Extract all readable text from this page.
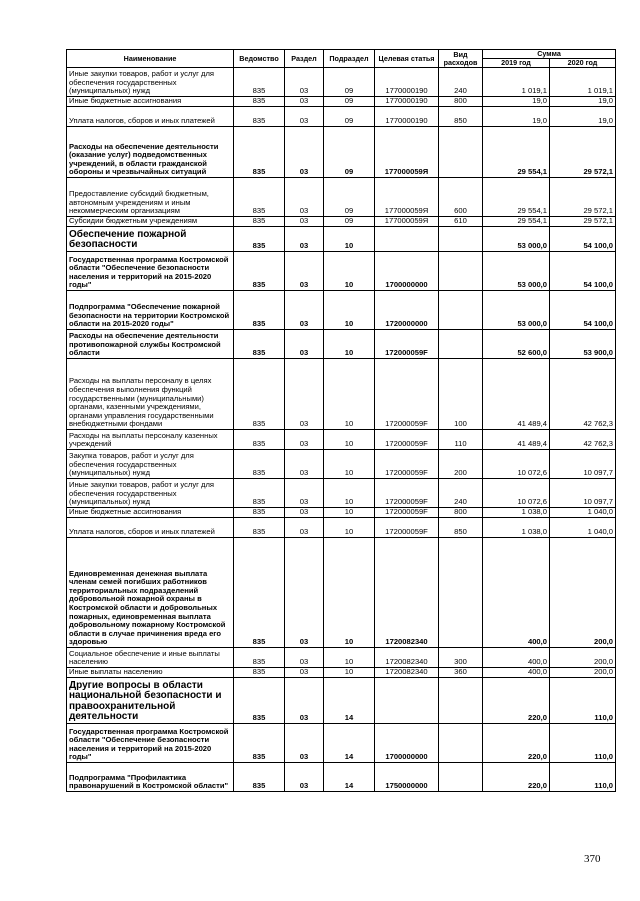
Наименование	Ведомство	Раздел	Подраздел	Целевая статья	Вид расходов	Сумма	
						2019 год	2020 год
Иные закупки товаров, работ и услуг для обеспечения государственных (муниципальных) нужд	835	03	09	1770000190	240	1 019,1	1 019,1
Иные бюджетные ассигнования	835	03	09	1770000190	800	19,0	19,0
Уплата налогов, сборов и иных платежей	835	03	09	1770000190	850	19,0	19,0
Расходы на обеспечение деятельности (оказание услуг) подведомственных учреждений, в области гражданской обороны и чрезвычайных ситуаций	835	03	09	177000059Я		29 554,1	29 572,1
Предоставление субсидий бюджетным, автономным учреждениям и иным некоммерческим организациям	835	03	09	177000059Я	600	29 554,1	29 572,1
Субсидии бюджетным учреждениям	835	03	09	177000059Я	610	29 554,1	29 572,1
Обеспечение пожарной безопасности	835	03	10			53 000,0	54 100,0
Государственная программа Костромской области "Обеспечение безопасности населения и территорий на 2015-2020 годы"	835	03	10	1700000000		53 000,0	54 100,0
Подпрограмма "Обеспечение пожарной безопасности на территории Костромской области на 2015-2020 годы"	835	03	10	1720000000		53 000,0	54 100,0
Расходы на обеспечение деятельности противопожарной службы Костромской области	835	03	10	172000059F		52 600,0	53 900,0
Расходы на выплаты персоналу в целях обеспечения выполнения функций государственными (муниципальными) органами, казенными учреждениями, органами управления государственными внебюджетными фондами	835	03	10	172000059F	100	41 489,4	42 762,3
Расходы на выплаты персоналу казенных учреждений	835	03	10	172000059F	110	41 489,4	42 762,3
Закупка товаров, работ и услуг для обеспечения государственных (муниципальных) нужд	835	03	10	172000059F	200	10 072,6	10 097,7
Иные закупки товаров, работ и услуг для обеспечения государственных (муниципальных) нужд	835	03	10	172000059F	240	10 072,6	10 097,7
Иные бюджетные ассигнования	835	03	10	172000059F	800	1 038,0	1 040,0
Уплата налогов, сборов и иных платежей	835	03	10	172000059F	850	1 038,0	1 040,0
Единовременная денежная выплата членам семей погибших работников территориальных подразделений добровольной пожарной охраны в Костромской области и добровольных пожарных, единовременная выплата добровольному пожарному Костромской области в случае причинения вреда его здоровью	835	03	10	1720082340		400,0	200,0
Социальное обеспечение и иные выплаты населению	835	03	10	1720082340	300	400,0	200,0
Иные выплаты населению	835	03	10	1720082340	360	400,0	200,0
Другие вопросы в области национальной безопасности и правоохранительной деятельности	835	03	14			220,0	110,0
Государственная программа Костромской области "Обеспечение безопасности населения и территорий на 2015-2020 годы"	835	03	14	1700000000		220,0	110,0
Подпрограмма "Профилактика правонарушений в Костромской области"	835	03	14	1750000000		220,0	110,0
370
